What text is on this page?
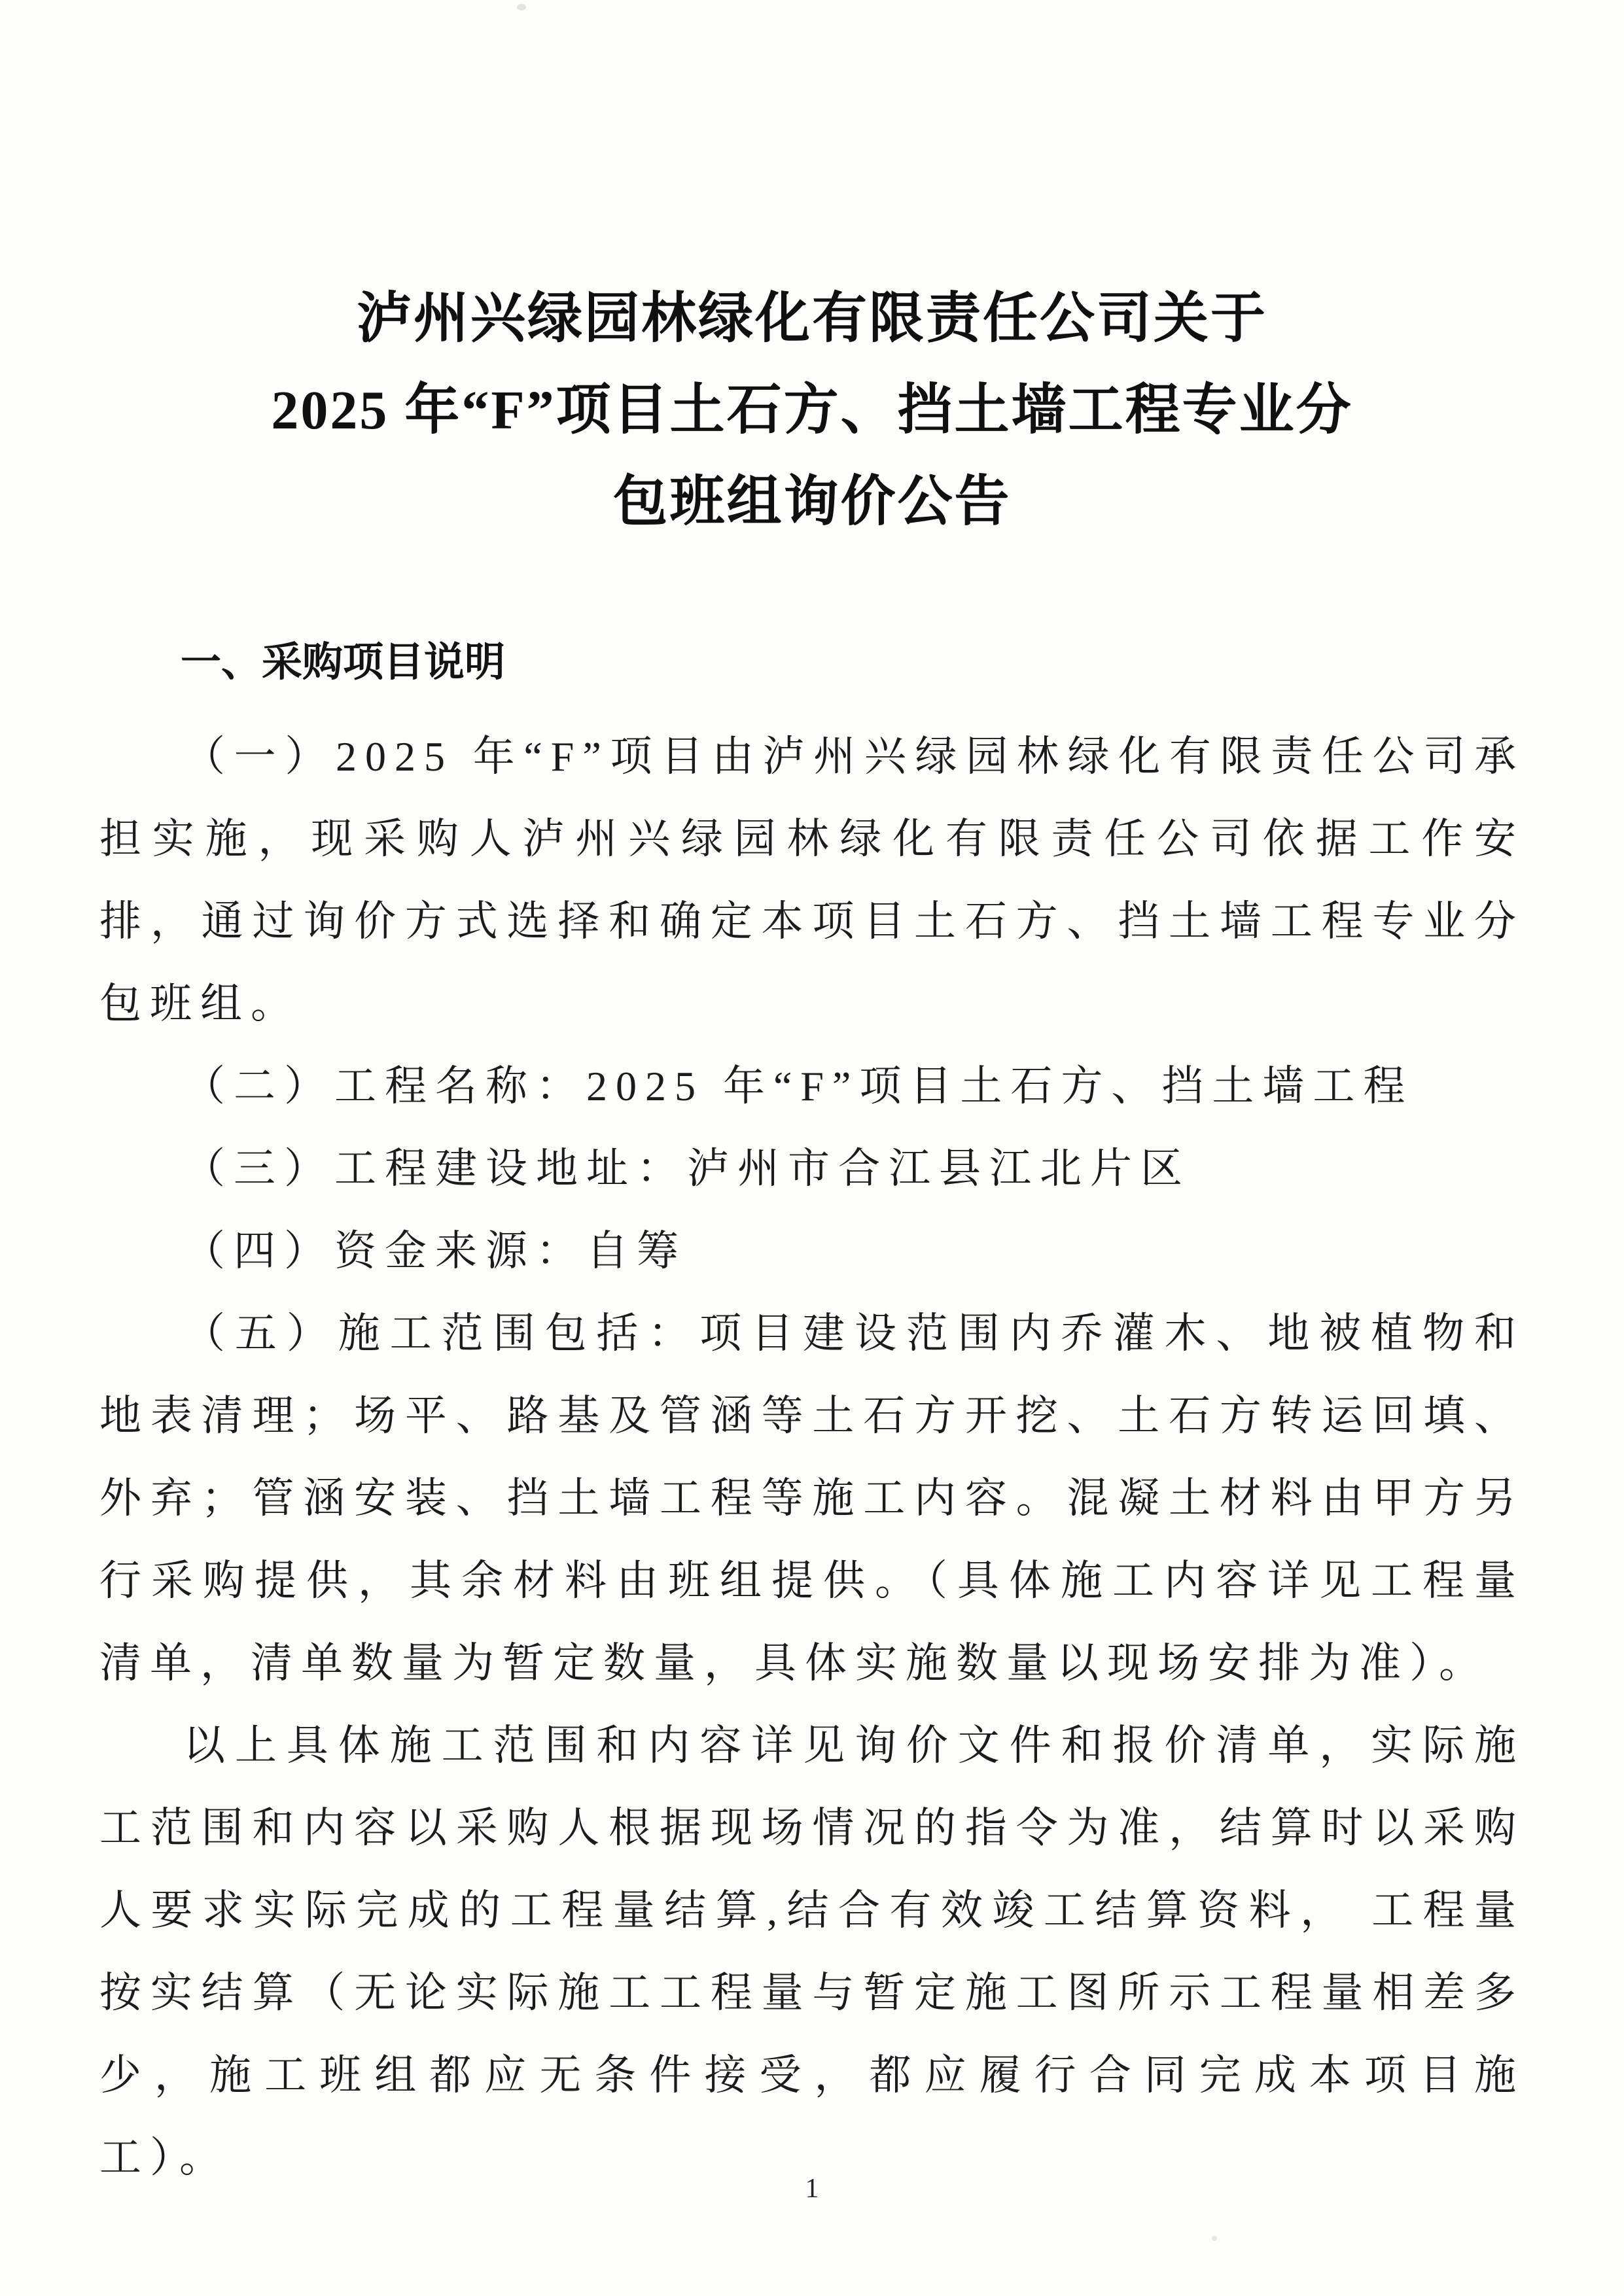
泸州兴绿园林绿化有限责任公司关于
2025 年“F”项目土石方、挡土墙工程专业分
包班组询价公告
一、采购项目说明

（一）2025 年“F”项目由泸州兴绿园林绿化有限责任公司承担实施，现采购人泸州兴绿园林绿化有限责任公司依据工作安排，通过询价方式选择和确定本项目土石方、挡土墙工程专业分包班组。

（二）工程名称：2025 年“F”项目土石方、挡土墙工程

（三）工程建设地址：泸州市合江县江北片区

（四）资金来源：自筹

（五）施工范围包括：项目建设范围内乔灌木、地被植物和地表清理；场平、路基及管涵等土石方开挖、土石方转运回填、外弃；管涵安装、挡土墙工程等施工内容。混凝土材料由甲方另行采购提供，其余材料由班组提供。（具体施工内容详见工程量清单，清单数量为暂定数量，具体实施数量以现场安排为准）。

以上具体施工范围和内容详见询价文件和报价清单，实际施工范围和内容以采购人根据现场情况的指令为准，结算时以采购人要求实际完成的工程量结算,结合有效竣工结算资料， 工程量按实结算（无论实际施工工程量与暂定施工图所示工程量相差多少，施工班组都应无条件接受，都应履行合同完成本项目施工）。

1
